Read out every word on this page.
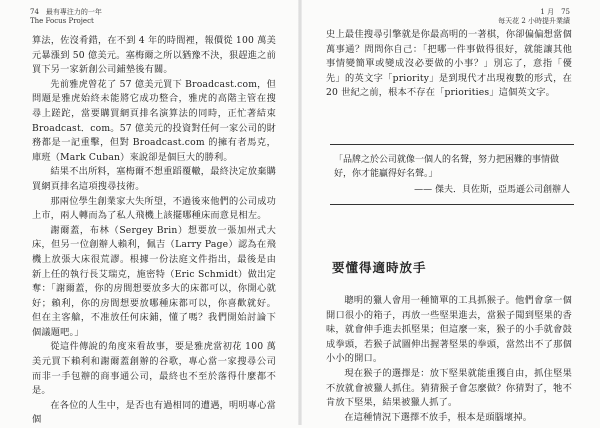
74　最有專注力的一年
The Focus Project

算法，佐沒肴錯，在不到 4 年的時間裡，報價從 100 萬美元暴漲到 50 億美元。塞梅爾之所以猶豫不決，狠趕進之前買下另一家新創公司鋪墊後有關。

先前雅虎曾花了 57 億美元買下 Broadcast.com，但問題是雅虎始終未能將它成功整合，雅虎的高階主管在搜尋上蹉跎，當要購買網頁排名演算法的同時，正忙著結束 Broadcast．com。57 億美元的投資對任何一家公司的財務都是一記重擊，但對 Broadcast.com 的擁有者馬克，庫班（Mark Cuban）來說卻是個巨大的勝利。

結果不出所料，塞梅爾不想重蹈覆轍，最終決定放棄購買網頁排名這項搜尋技術。

那兩位學生創業家大失所望，不過後來他們的公司成功上市，兩人轉而為了私人飛機上該擺哪種床而意見相左。

謝爾蓋，布林（Sergey Brin）想要放一張加州式大床，但另一位創辦人賴利，佩吉（Larry Page）認為在飛機上放張大床很荒謬。根據一份法庭文件指出，最後是由新上任的執行長艾瑞克，施密特（Eric Schmidt）做出定奪：「謝爾蓋，你的房間想要放多大的床都可以，你開心就好；賴利，你的房間想要放哪種床都可以，你喜歡就好。但在主客艙，不准放任何床鋪，懂了嗎？我們開始討論下個議題吧。」

從這件傳說的角度來看故事，要是雅虎當初花 100 萬美元買下賴利和謝爾蓋創辦的谷歌，專心當一家搜尋公司而非一手包辦的商事通公司，最終也不至於落得什麼都不是。

在各位的人生中，是否也有過相同的遭遇，明明專心當個

1 月　75
每天花 2 小時提升業績

史上最佳搜尋引擎就是你最高明的一著棋，你卻偏偏想當個萬事通？問問你自己：「把哪一件事做得很好，就能讓其他事情變簡單或變成沒必要做的小事？」別忘了，意指「優先」的英文字「priority」是到現代才出現複數的形式，在 20 世紀之前，根本不存在「priorities」這個英文字。

「品牌之於公司就像一個人的名聲，努力把困難的事情做好，你才能贏得好名聲。」

—— 傑夫．貝佐斯，亞馬遜公司創辦人

要懂得適時放手

聰明的獵人會用一種簡單的工具抓猴子。他們會拿一個開口很小的箱子，再放一些堅果進去，當猴子聞到堅果的香味，就會伸手進去抓堅果；但這麼一來，猴子的小手就會鼓成拳頭，若猴子試圖伸出握著堅果的拳頭，當然出不了那個小小的開口。

現在猴子的選擇是：放下堅果就能重獲自由，抓住堅果不放就會被獵人抓住。猜猜猴子會怎麼做？你猜對了，牠不肯放下堅果，結果被獵人抓了。

在這種情況下選擇不放手，根本是頭腦壞掉。
